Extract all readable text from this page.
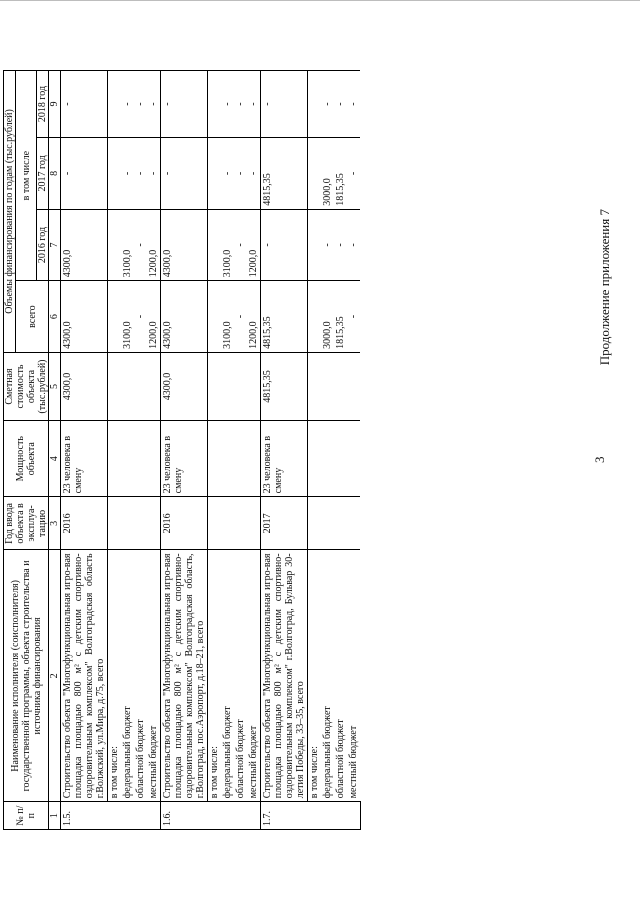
3
Продолжение приложения 7
№ п/п	Наименование исполнителя (соисполнителя) государственной программы, объекта строительства и источника финансирования	Год ввода объекта в эксплуа-тацию	Мощность объекта	Сметная стоимость объекта (тыс.рублей)	Объемы финансирования по годам (тыс.рублей)			
					всего	в том числе		
						2016 год	2017 год	2018 год
1	2	3	4	5	6	7	8	9
1.5.	Строительство объекта "Многофункциональная игро-вая площадка площадью 800 м² с детским спортивно-оздоровительным комплексом" Волгоградская область г.Волжский, ул.Мира, д.75, всего	2016	23 человека в смену	4300,0	4300,0	4300,0	-	-
	в том числе:							
	федеральный бюджет				3100,0	3100,0	-	-
	областной бюджет				-	-	-	-
	местный бюджет				1200,0	1200,0	-	-
1.6.	Строительство объекта "Многофункциональная игро-вая площадка площадью 800 м² с детским спортивно-оздоровительным комплексом" Волгоградская область, г.Волгоград, пос.Аэропорт, д.18–21, всего	2016	23 человека в смену	4300,0	4300,0	4300,0	-	-
	в том числе:							
	федеральный бюджет				3100,0	3100,0	-	-
	областной бюджет				-	-	-	-
	местный бюджет				1200,0	1200,0	-	-
1.7.	Строительство объекта "Многофункциональная игро-вая площадка площадью 800 м² с детским спортивно-оздоровительным комплексом" г.Волгоград, Бульвар 30-летия Победы, 33–35, всего	2017	23 человека в смену	4815,35	4815,35	-	4815,35	-
	в том числе:							
	федеральный бюджет				3000,0	-	3000,0	-
	областной бюджет				1815,35	-	1815,35	-
	местный бюджет				-	-	-	-
